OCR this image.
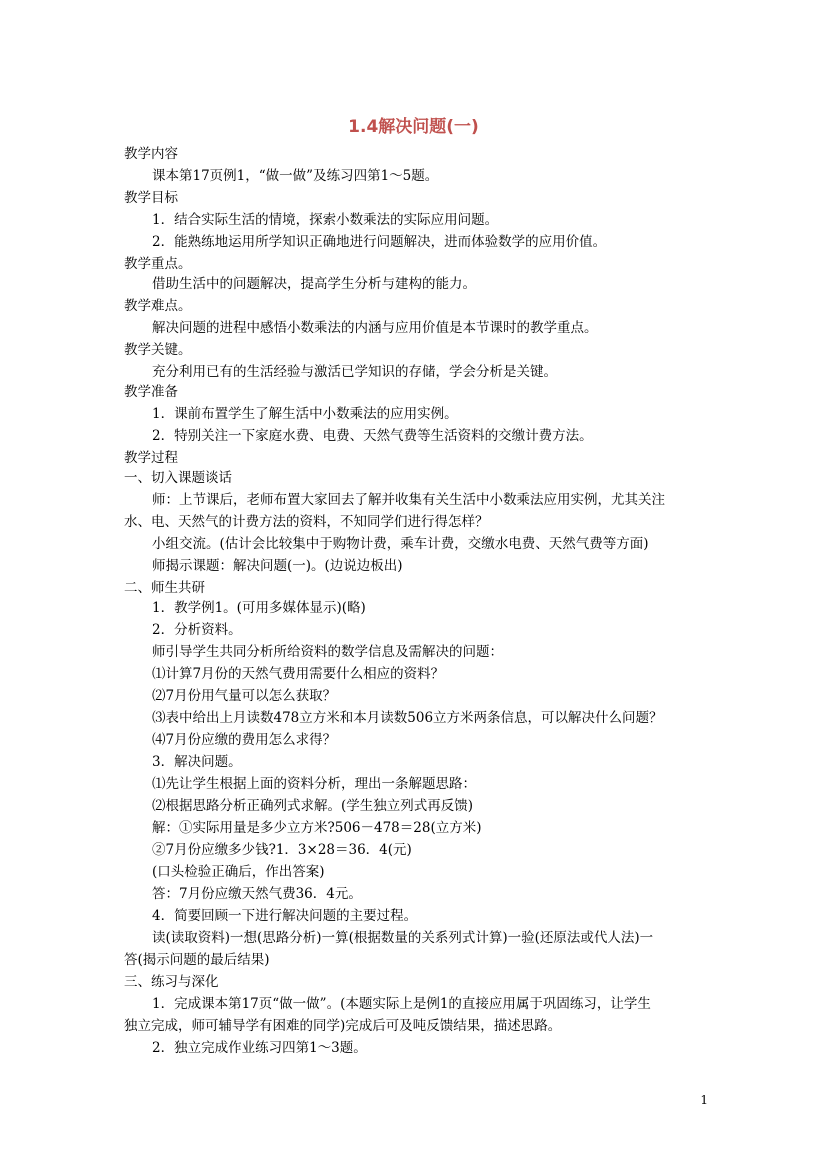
1.4解决问题(一)
教学内容
课本第17页例1，“做一做”及练习四第1～5题。
教学目标
1．结合实际生活的情境，探索小数乘法的实际应用问题。
2．能熟练地运用所学知识正确地进行问题解决，进而体验数学的应用价值。
教学重点。
借助生活中的问题解决，提高学生分析与建构的能力。
教学难点。
解决问题的进程中感悟小数乘法的内涵与应用价值是本节课时的教学重点。
教学关键。
充分利用已有的生活经验与激活已学知识的存储，学会分析是关键。
教学准备
1．课前布置学生了解生活中小数乘法的应用实例。
2．特别关注一下家庭水费、电费、天然气费等生活资料的交缴计费方法。
教学过程
一、切入课题谈话
师：上节课后，老师布置大家回去了解并收集有关生活中小数乘法应用实例，尤其关注
水、电、天然气的计费方法的资料，不知同学们进行得怎样？
小组交流。(估计会比较集中于购物计费，乘车计费，交缴水电费、天然气费等方面)
师揭示课题：解决问题(一)。(边说边板出)
二、师生共研
1．教学例1。(可用多媒体显示)(略)
2．分析资料。
师引导学生共同分析所给资料的数学信息及需解决的问题：
⑴计算7月份的天然气费用需要什么相应的资料？
⑵7月份用气量可以怎么获取？
⑶表中给出上月读数478立方米和本月读数506立方米两条信息，可以解决什么问题？
⑷7月份应缴的费用怎么求得？
3．解决问题。
⑴先让学生根据上面的资料分析，理出一条解题思路：
⑵根据思路分析正确列式求解。(学生独立列式再反馈)
解：①实际用量是多少立方米?506－478＝28(立方米)
②7月份应缴多少钱?1．3×28＝36．4(元)
(口头检验正确后，作出答案)
答：7月份应缴天然气费36．4元。
4．简要回顾一下进行解决问题的主要过程。
读(读取资料)一想(思路分析)一算(根据数量的关系列式计算)一验(还原法或代人法)一
答(揭示问题的最后结果)
三、练习与深化
1．完成课本第17页“做一做”。(本题实际上是例1的直接应用属于巩固练习，让学生
独立完成，师可辅导学有困难的同学)完成后可及吨反馈结果，描述思路。
2．独立完成作业练习四第1～3题。
1
